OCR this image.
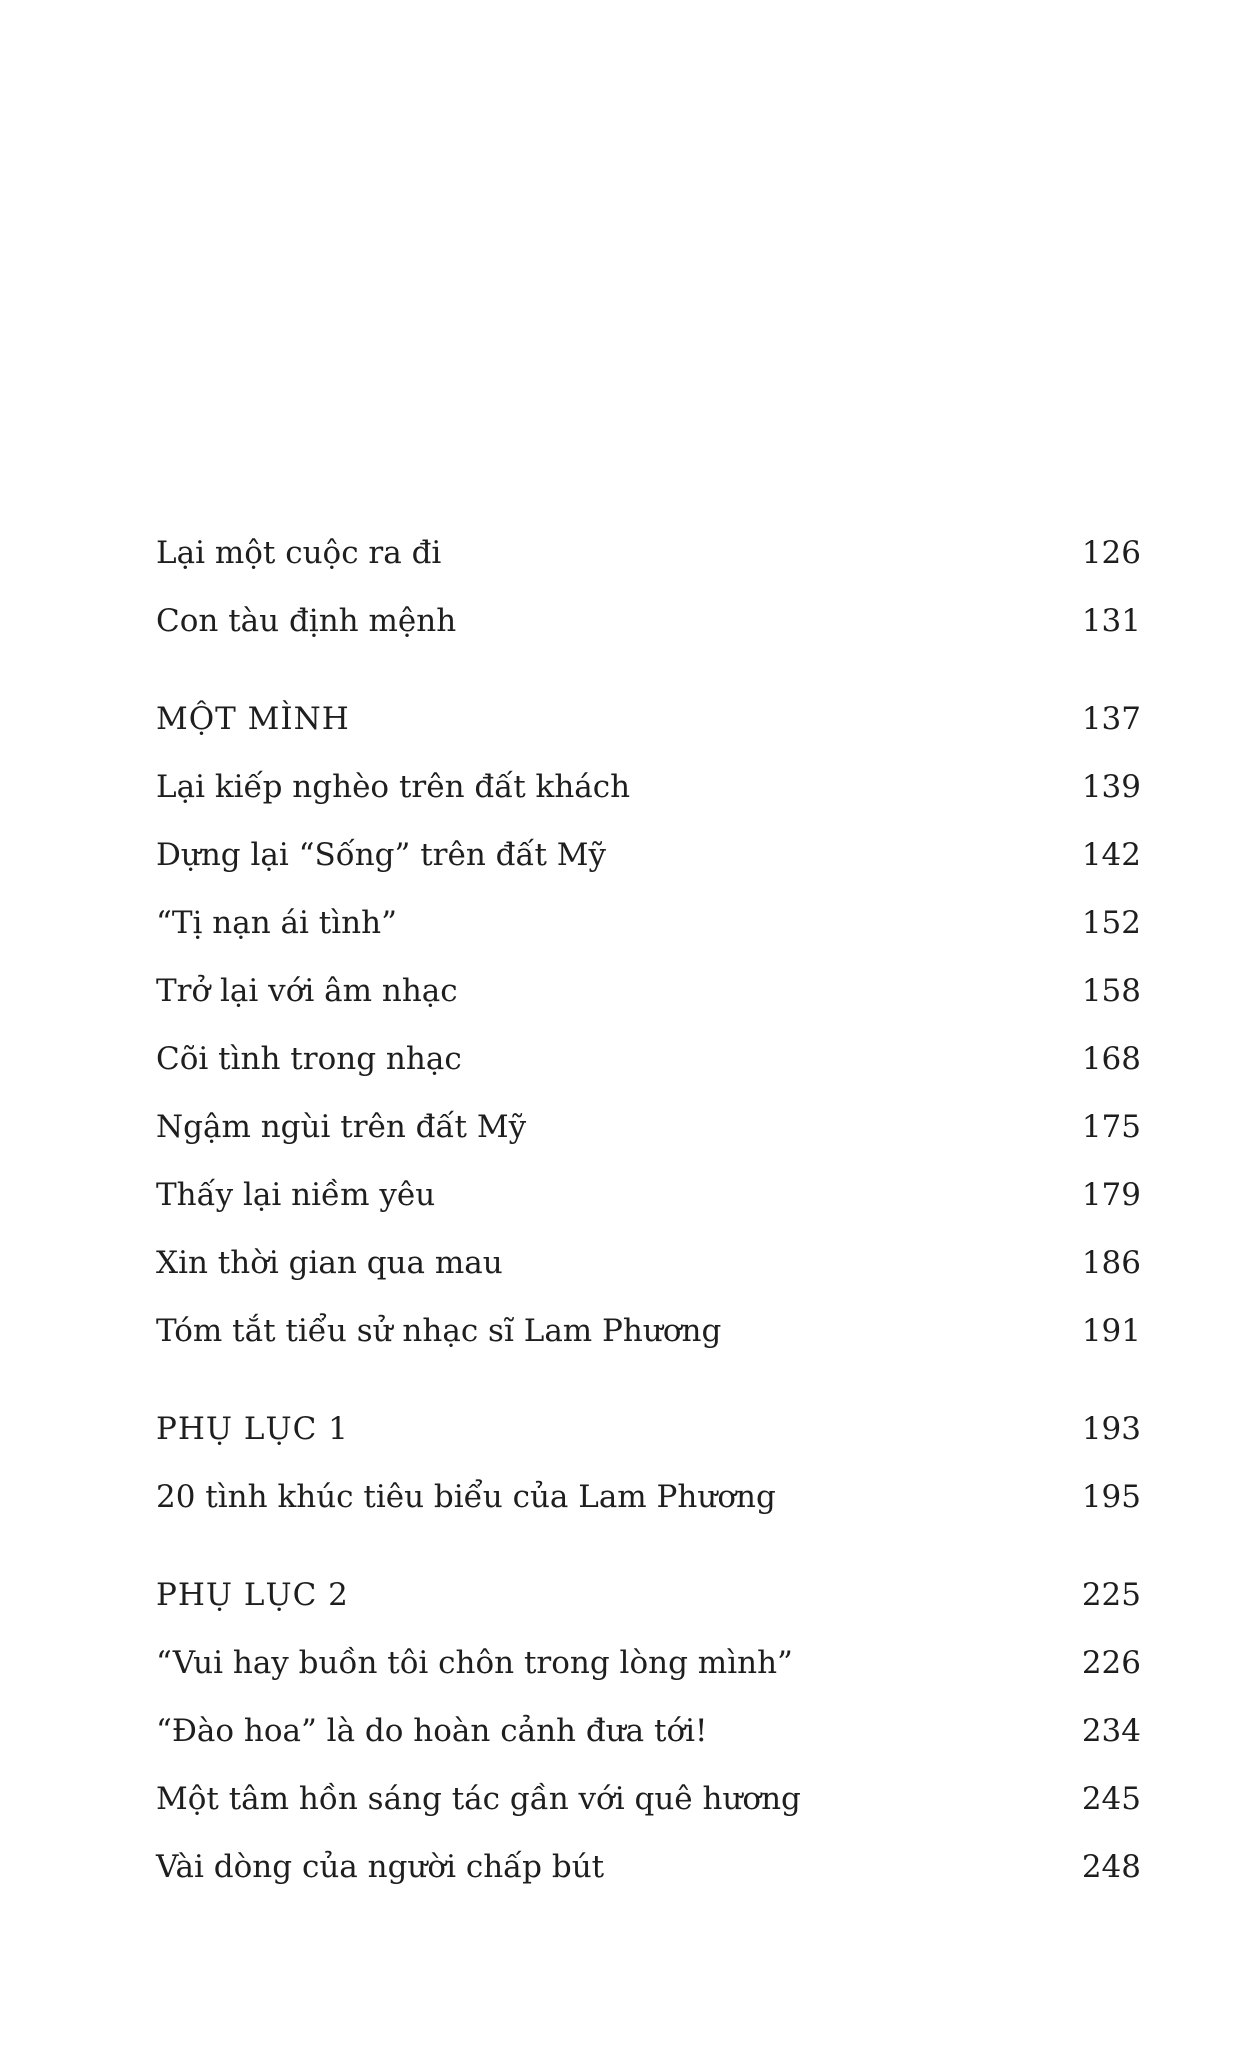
Lại một cuộc ra đi	126
Con tàu định mệnh	131
MỘT MÌNH	137
Lại kiếp nghèo trên đất khách	139
Dựng lại “Sống” trên đất Mỹ	142
“Tị nạn ái tình”	152
Trở lại với âm nhạc	158
Cõi tình trong nhạc	168
Ngậm ngùi trên đất Mỹ	175
Thấy lại niềm yêu	179
Xin thời gian qua mau	186
Tóm tắt tiểu sử nhạc sĩ Lam Phương	191
PHỤ LỤC 1	193
20 tình khúc tiêu biểu của Lam Phương	195
PHỤ LỤC 2	225
“Vui hay buồn tôi chôn trong lòng mình”	226
“Đào hoa” là do hoàn cảnh đưa tới!	234
Một tâm hồn sáng tác gần với quê hương	245
Vài dòng của người chấp bút	248
